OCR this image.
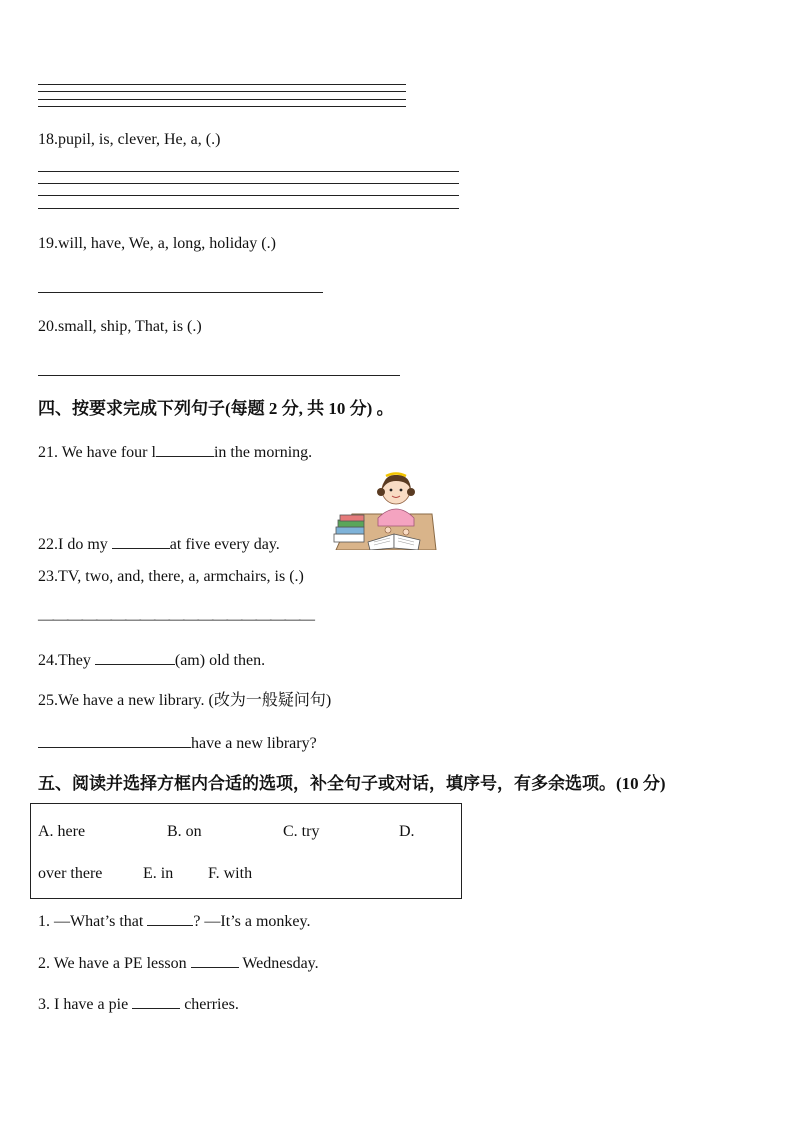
18.pupil, is, clever, He, a, (.)
19.will, have, We, a, long, holiday (.)
20.small, ship, That, is (.)
四、按要求完成下列句子(每题 2 分, 共 10 分) 。
21. We have four l	in the morning.
22.I do my	at five every day.
23.TV, two, and, there, a, armchairs, is (.)
———————————————————
24.They	(am) old then.
25.We have a new library. (改为一般疑问句)
have a new library?
五、阅读并选择方框内合适的选项，补全句子或对话，填序号，有多余选项。(10 分)
A. here	B. on	C. try	D.
over there	E. in F. with
1. —What’s that	? —It’s a monkey.
2. We have a PE lesson	Wednesday.
3. I have a pie	cherries.
